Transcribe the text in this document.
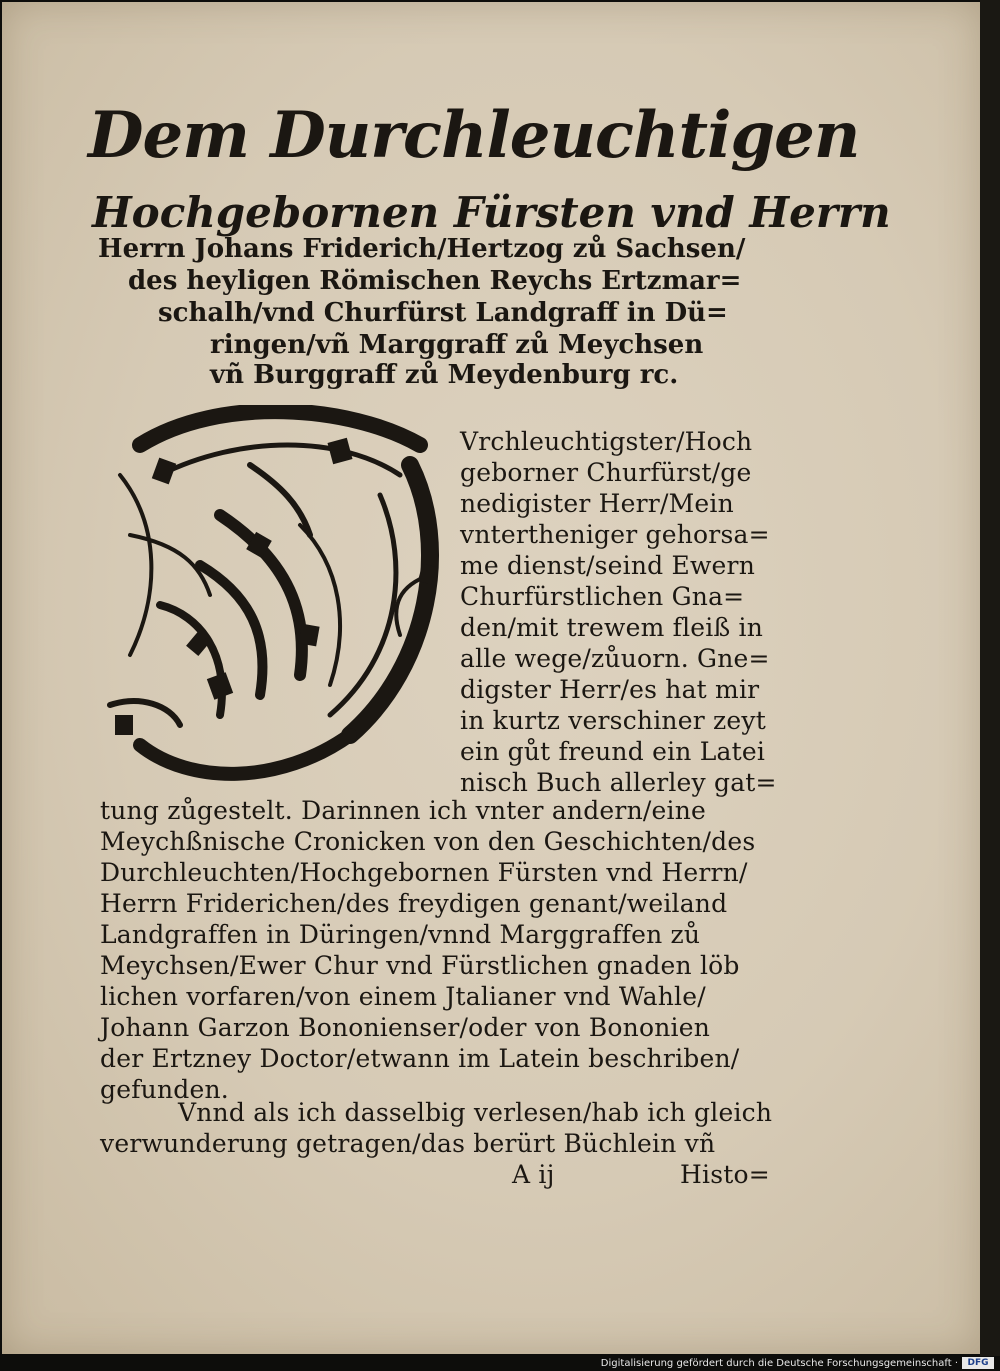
Dem Durchleuchtigen
Hochgebornen Fürsten vnd Herrn
Herrn Johans Friderich/Hertzog zů Sachsen/
des heyligen Römischen Reychs Ertzmar=
schalh/vnd Churfürst Landgraff in Dü=
ringen/vñ Marggraff zů Meychsen
vñ Burggraff zů Meydenburg rc.
Vrchleuchtigster/Hoch
geborner Churfürst/ge
nedigister Herr/Mein
vntertheniger gehorsa=
me dienst/seind Ewern
Churfürstlichen Gna=
den/mit trewem fleiß in
alle wege/zůuorn. Gne=
digster Herr/es hat mir
in kurtz verschiner zeyt
ein gůt freund ein Latei
nisch Buch allerley gat=
tung zůgestelt. Darinnen ich vnter andern/eine
Meychßnische Cronicken von den Geschichten/des
Durchleuchten/Hochgebornen Fürsten vnd Herrn/
Herrn Friderichen/des freydigen genant/weiland
Landgraffen in Düringen/vnnd Marggraffen zů
Meychsen/Ewer Chur vnd Fürstlichen gnaden löb
lichen vorfaren/von einem Jtalianer vnd Wahle/
Johann Garzon Bononienser/oder von Bononien
der Ertzney Doctor/etwann im Latein beschriben/
gefunden.
Vnnd als ich dasselbig verlesen/hab ich gleich
verwunderung getragen/das berürt Büchlein vñ
A ij	Histo=
Digitalisierung gefördert durch die Deutsche Forschungsgemeinschaft ·	DFG
